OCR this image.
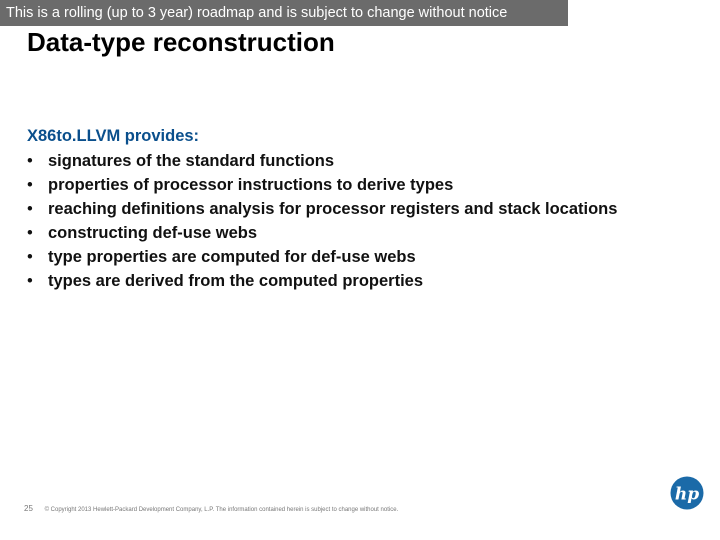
This is a rolling (up to 3 year) roadmap and is subject to change without notice
Data-type reconstruction

X86to.LLVM provides:

• signatures of the standard functions
• properties of processor instructions to derive types
• reaching definitions analysis for processor registers and stack locations
• constructing def-use webs
• type properties are computed for def-use webs
• types are derived from the computed properties
25 © Copyright 2013 Hewlett-Packard Development Company, L.P. The information contained herein is subject to change without notice.
hp
